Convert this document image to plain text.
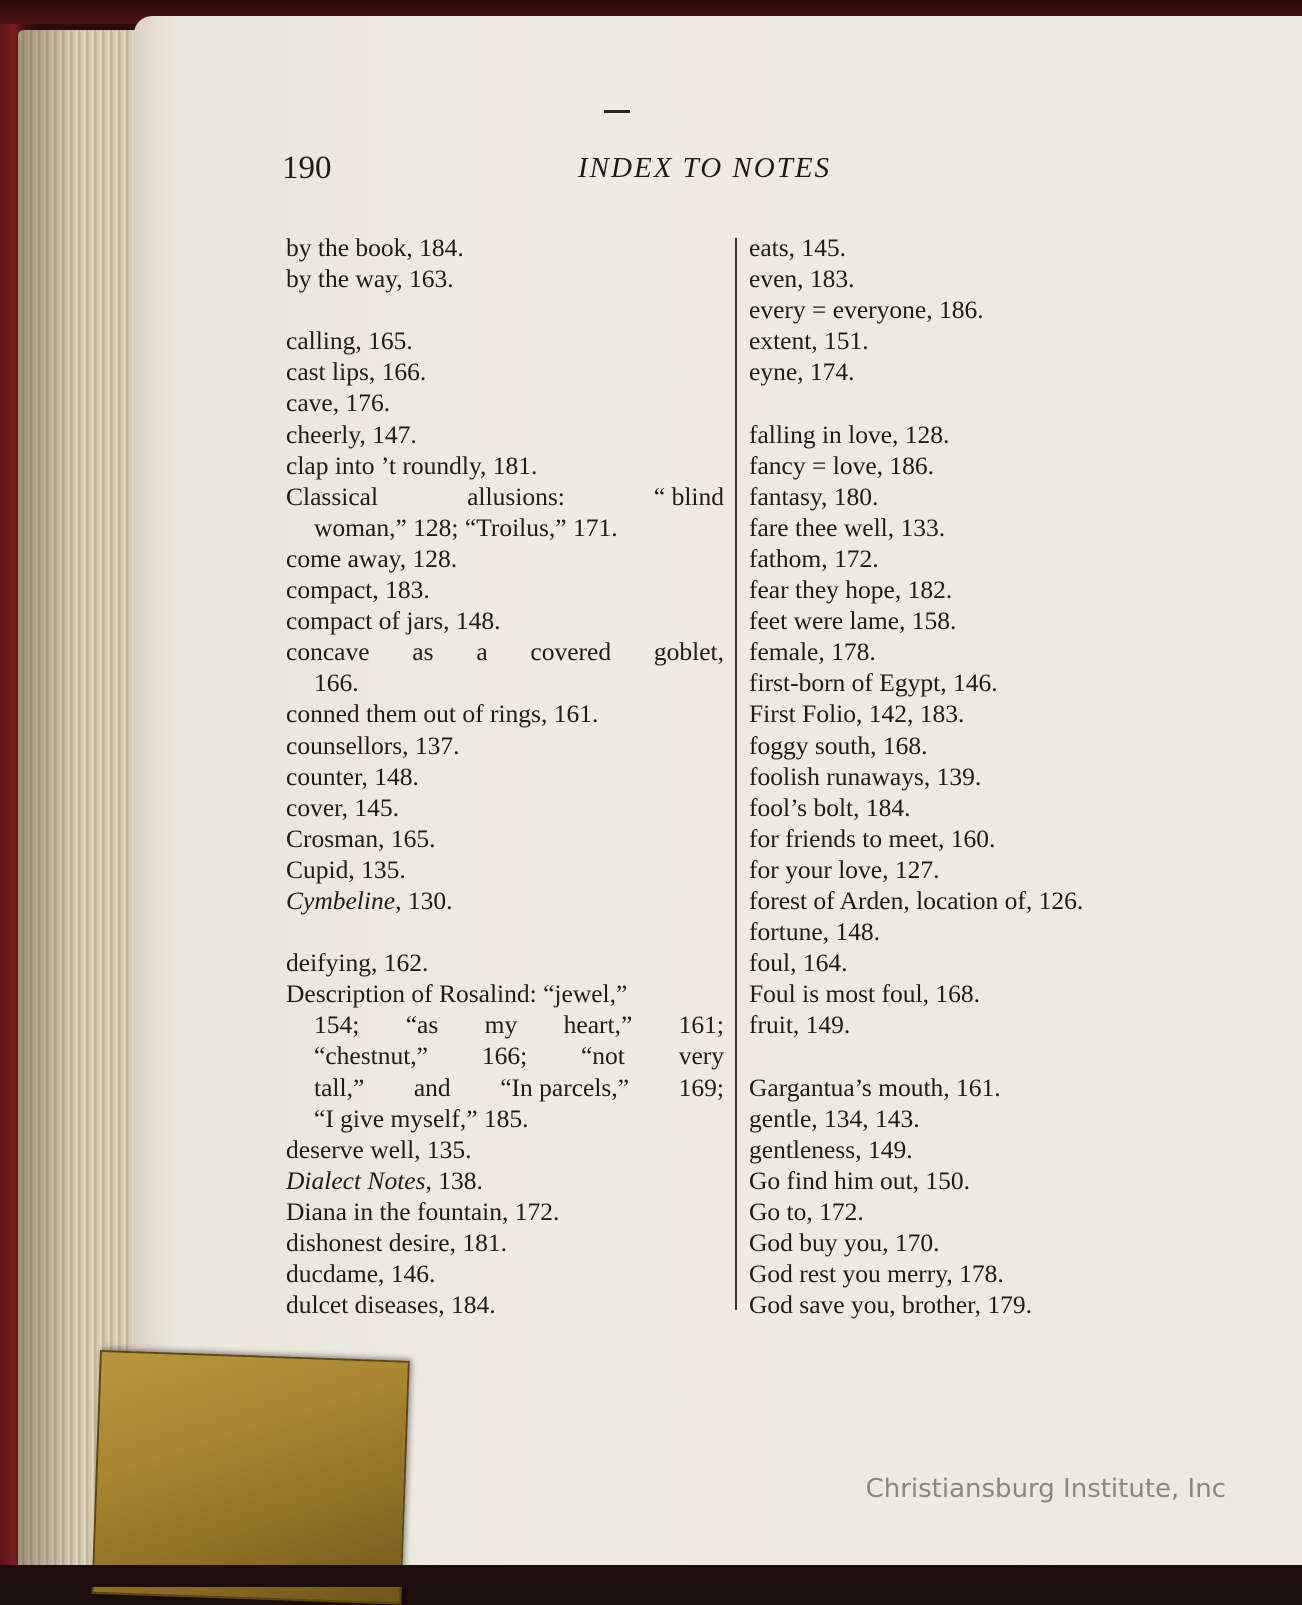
190	INDEX TO NOTES
by the book, 184.
by the way, 163.
calling, 165.
cast lips, 166.
cave, 176.
cheerly, 147.
clap into ’t roundly, 181.
Classical	allusions:	“ blind
woman,” 128; “Troilus,” 171.
come away, 128.
compact, 183.
compact of jars, 148.
concave as a covered goblet,
166.
conned them out of rings, 161.
counsellors, 137.
counter, 148.
cover, 145.
Crosman, 165.
Cupid, 135.
Cymbeline, 130.
deifying, 162.
Description of Rosalind: “jewel,”
154; “as my heart,” 161;
“chestnut,” 166; “not very
tall,” and “In parcels,” 169;
“I give myself,” 185.
deserve well, 135.
Dialect Notes, 138.
Diana in the fountain, 172.
dishonest desire, 181.
ducdame, 146.
dulcet diseases, 184.
eats, 145.
even, 183.
every = everyone, 186.
extent, 151.
eyne, 174.
falling in love, 128.
fancy = love, 186.
fantasy, 180.
fare thee well, 133.
fathom, 172.
fear they hope, 182.
feet were lame, 158.
female, 178.
first-born of Egypt, 146.
First Folio, 142, 183.
foggy south, 168.
foolish runaways, 139.
fool’s bolt, 184.
for friends to meet, 160.
for your love, 127.
forest of Arden, location of, 126.
fortune, 148.
foul, 164.
Foul is most foul, 168.
fruit, 149.
Gargantua’s mouth, 161.
gentle, 134, 143.
gentleness, 149.
Go find him out, 150.
Go to, 172.
God buy you, 170.
God rest you merry, 178.
God save you, brother, 179.
Christiansburg Institute, Inc
